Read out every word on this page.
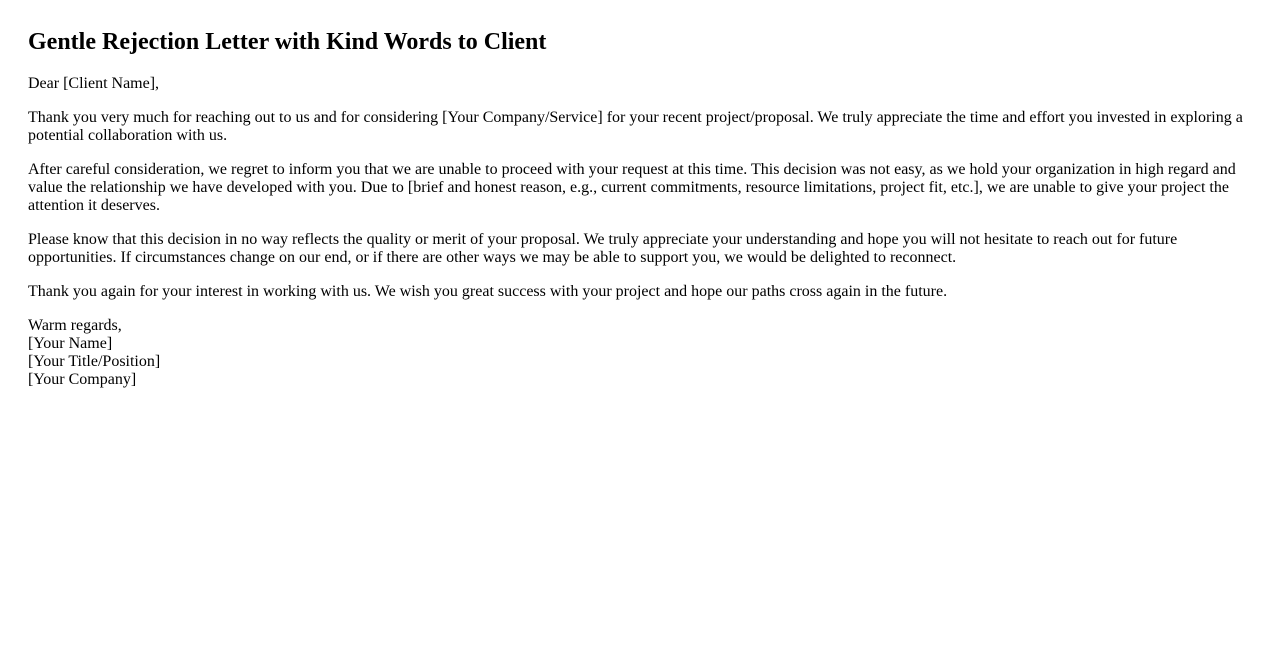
Gentle Rejection Letter with Kind Words to Client

Dear [Client Name],

Thank you very much for reaching out to us and for considering [Your Company/Service] for your recent project/proposal. We truly appreciate the time and effort you invested in exploring a potential collaboration with us.

After careful consideration, we regret to inform you that we are unable to proceed with your request at this time. This decision was not easy, as we hold your organization in high regard and value the relationship we have developed with you. Due to [brief and honest reason, e.g., current commitments, resource limitations, project fit, etc.], we are unable to give your project the attention it deserves.

Please know that this decision in no way reflects the quality or merit of your proposal. We truly appreciate your understanding and hope you will not hesitate to reach out for future opportunities. If circumstances change on our end, or if there are other ways we may be able to support you, we would be delighted to reconnect.

Thank you again for your interest in working with us. We wish you great success with your project and hope our paths cross again in the future.

Warm regards,
[Your Name]
[Your Title/Position]
[Your Company]
